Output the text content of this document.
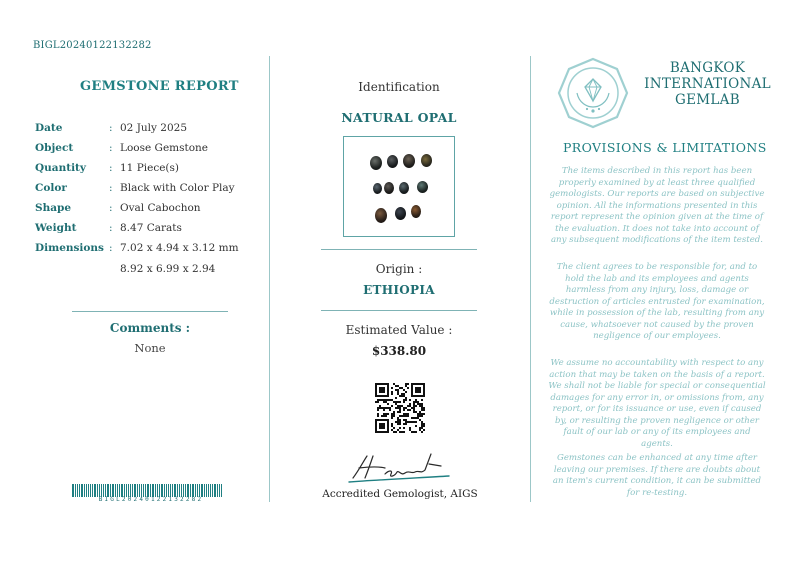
BIGL20240122132282
GEMSTONE REPORT
Date	: 02 July 2025
Object	: Loose Gemstone
Quantity	: 11 Piece(s)
Color	: Black with Color Play
Shape	: Oval Cabochon
Weight	: 8.47 Carats
Dimensions : 7.02 x 4.94 x 3.12 mm
8.92 x 6.99 x 2.94
Comments :
None
BIGL20240122132282
Identification
NATURAL OPAL
Origin :
ETHIOPIA
Estimated Value :
$338.80
Accredited Gemologist, AIGS
BANGKOK
INTERNATIONAL
GEMLAB
PROVISIONS & LIMITATIONS
The items described in this report has been properly examined by at least three qualified gemologists. Our reports are based on subjective opinion. All the informations presented in this report represent the opinion given at the time of the evaluation. It does not take into account of any subsequent modifications of the item tested.
The client agrees to be responsible for, and to hold the lab and its employees and agents harmless from any injury, loss, damage or destruction of articles entrusted for examination, while in possession of the lab, resulting from any cause, whatsoever not caused by the proven negligence of our employees.
We assume no accountability with respect to any action that may be taken on the basis of a report. We shall not be liable for special or consequential damages for any error in, or omissions from, any report, or for its issuance or use, even if caused by, or resulting the proven negligence or other fault of our lab or any of its employees and agents.
Gemstones can be enhanced at any time after leaving our premises. If there are doubts about an item's current condition, it can be submitted for re-testing.
